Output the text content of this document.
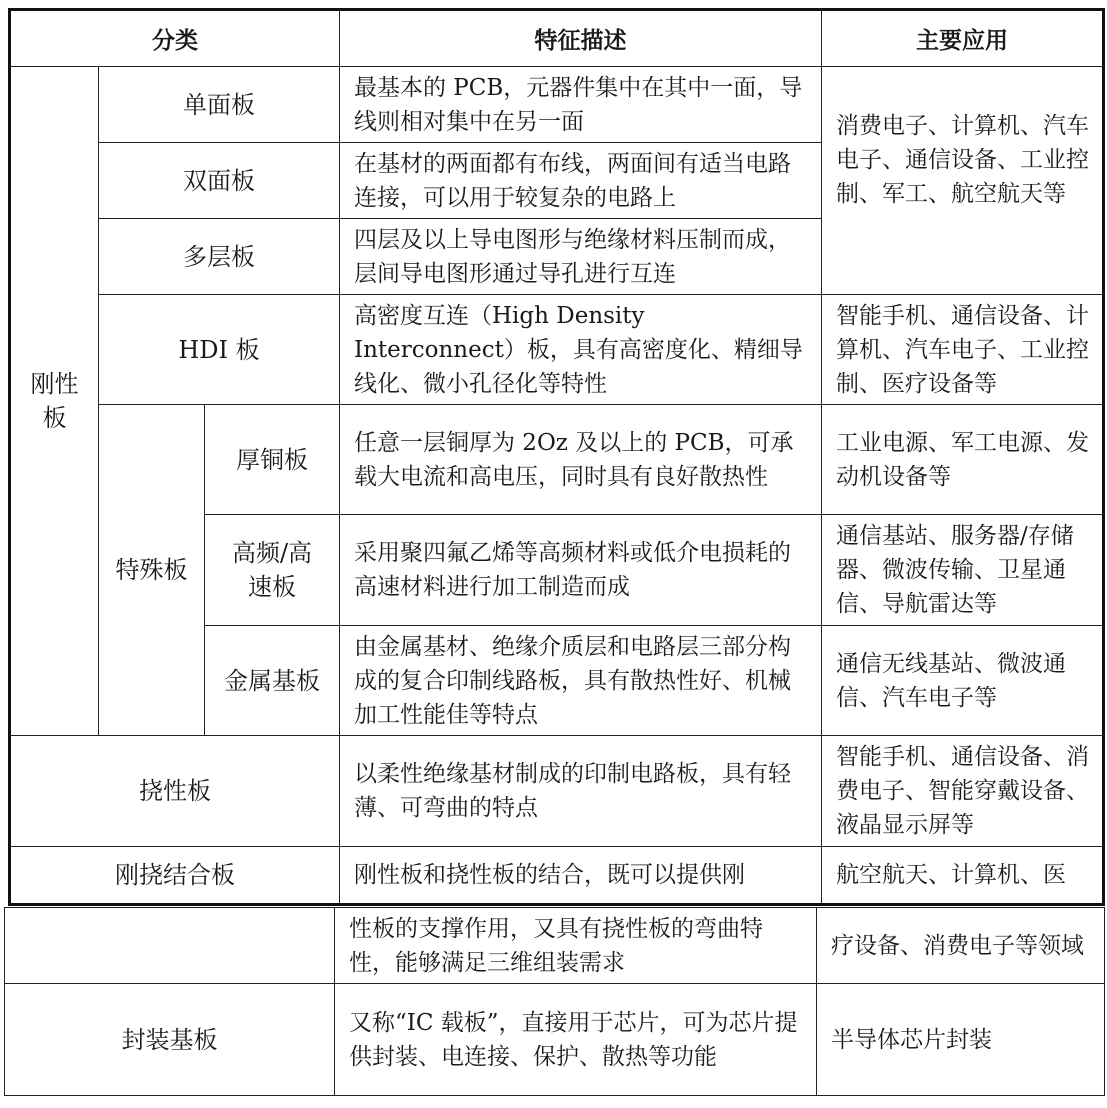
分类			特征描述	主要应用

刚性板	单面板		最基本的 PCB，元器件集中在其中一面，导线则相对集中在另一面	消费电子、计算机、汽车电子、通信设备、工业控制、军工、航空航天等
	双面板		在基材的两面都有布线，两面间有适当电路连接，可以用于较复杂的电路上	
	多层板		四层及以上导电图形与绝缘材料压制而成，层间导电图形通过导孔进行互连	
	HDI 板		高密度互连（High Density Interconnect）板，具有高密度化、精细导线化、微小孔径化等特性	智能手机、通信设备、计算机、汽车电子、工业控制、医疗设备等
	特殊板	厚铜板	任意一层铜厚为 2Oz 及以上的 PCB，可承载大电流和高电压，同时具有良好散热性	工业电源、军工电源、发动机设备等

		高频/高速板	采用聚四氟乙烯等高频材料或低介电损耗的高速材料进行加工制造而成	通信基站、服务器/存储器、微波传输、卫星通信、导航雷达等
		金属基板	由金属基材、绝缘介质层和电路层三部分构成的复合印制线路板，具有散热性好、机械加工性能佳等特点	通信无线基站、微波通信、汽车电子等
挠性板			以柔性绝缘基材制成的印制电路板，具有轻薄、可弯曲的特点	智能手机、通信设备、消费电子、智能穿戴设备、液晶显示屏等
刚挠结合板			刚性板和挠性板的结合，既可以提供刚	航空航天、计算机、医
	性板的支撑作用，又具有挠性板的弯曲特性，能够满足三维组装需求	疗设备、消费电子等领域
封装基板	又称“IC 载板”，直接用于芯片，可为芯片提供封装、电连接、保护、散热等功能	半导体芯片封装
